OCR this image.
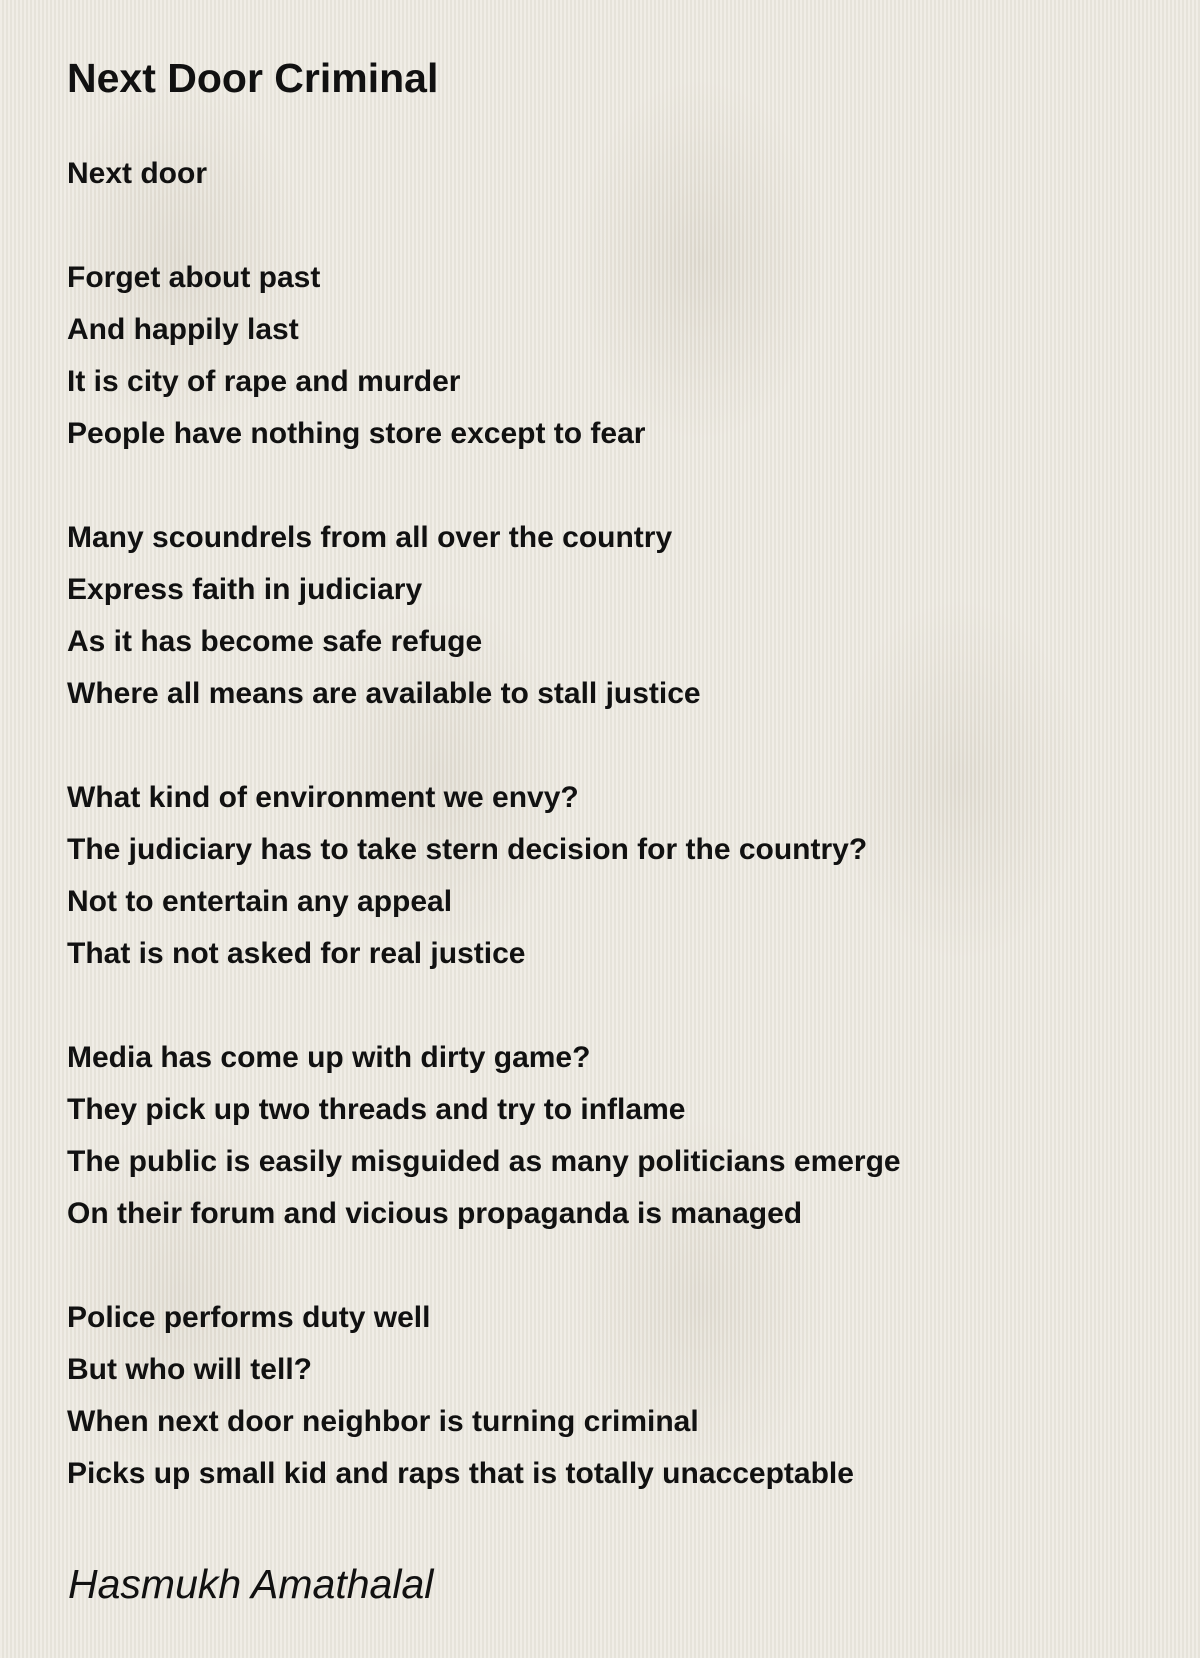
Next Door Criminal
Next door
Forget about past
And happily last
It is city of rape and murder
People have nothing store except to fear
Many scoundrels from all over the country
Express faith in judiciary
As it has become safe refuge
Where all means are available to stall justice
What kind of environment we envy?
The judiciary has to take stern decision for the country?
Not to entertain any appeal
That is not asked for real justice
Media has come up with dirty game?
They pick up two threads and try to inflame
The public is easily misguided as many politicians emerge
On their forum and vicious propaganda is managed
Police performs duty well
But who will tell?
When next door neighbor is turning criminal
Picks up small kid and raps that is totally unacceptable
Hasmukh Amathalal
